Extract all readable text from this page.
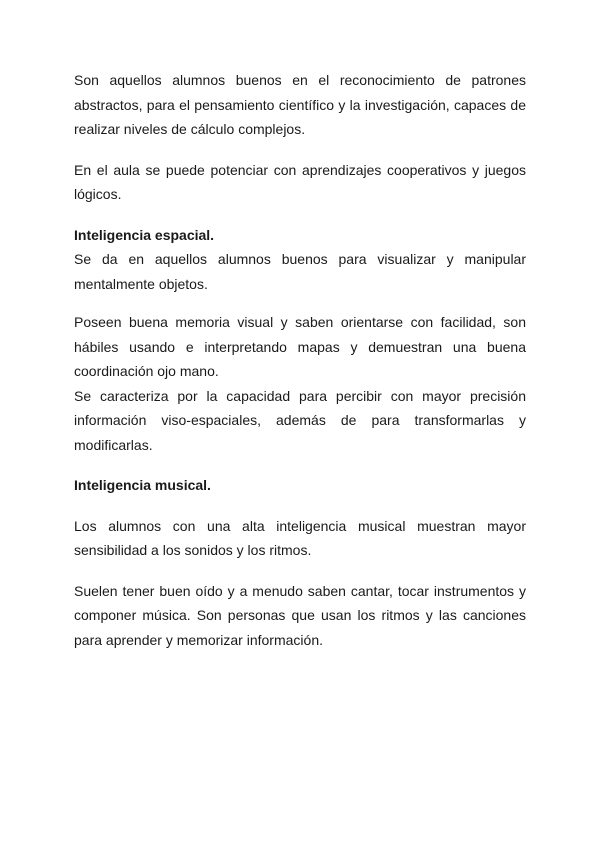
Son aquellos alumnos buenos en el reconocimiento de patrones abstractos, para el pensamiento científico y la investigación, capaces de realizar niveles de cálculo complejos.

En el aula se puede potenciar con aprendizajes cooperativos y juegos lógicos.

Inteligencia espacial.

Se da en aquellos alumnos buenos para visualizar y manipular mentalmente objetos.

Poseen buena memoria visual y saben orientarse con facilidad, son hábiles usando e interpretando mapas y demuestran una buena coordinación ojo mano.

Se caracteriza por la capacidad para percibir con mayor precisión información viso-espaciales, además de para transformarlas y modificarlas.

Inteligencia musical.

Los alumnos con una alta inteligencia musical muestran mayor sensibilidad a los sonidos y los ritmos.

Suelen tener buen oído y a menudo saben cantar, tocar instrumentos y componer música. Son personas que usan los ritmos y las canciones para aprender y memorizar información.
